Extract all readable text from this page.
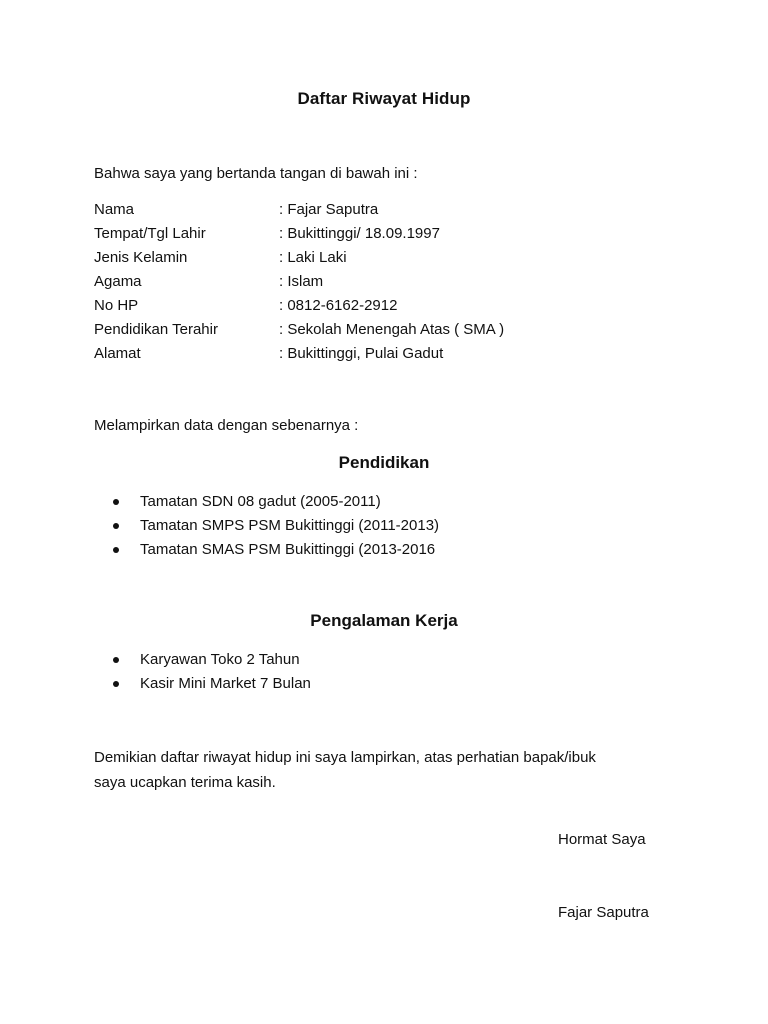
Daftar Riwayat Hidup
Bahwa saya yang bertanda tangan di bawah ini :
Nama	: Fajar Saputra
Tempat/Tgl Lahir	: Bukittinggi/ 18.09.1997
Jenis Kelamin	: Laki Laki
Agama	: Islam
No HP	: 0812-6162-2912
Pendidikan Terahir	: Sekolah Menengah Atas ( SMA )
Alamat	: Bukittinggi, Pulai Gadut
Melampirkan data dengan sebenarnya :
Pendidikan
Tamatan SDN 08 gadut (2005-2011)
Tamatan SMPS PSM Bukittinggi (2011-2013)
Tamatan SMAS PSM Bukittinggi (2013-2016
Pengalaman Kerja
Karyawan Toko 2 Tahun
Kasir Mini Market 7 Bulan
Demikian daftar riwayat hidup ini saya lampirkan, atas perhatian bapak/ibuk
saya ucapkan terima kasih.
Hormat Saya
Fajar Saputra
